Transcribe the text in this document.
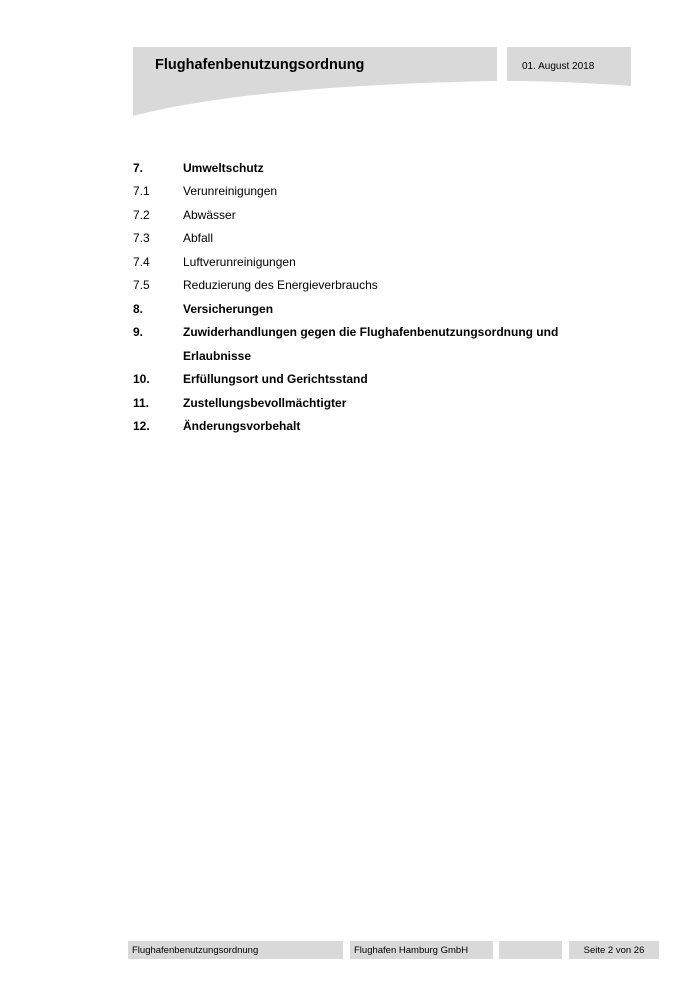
Flughafenbenutzungsordnung	01. August 2018
7.	Umweltschutz
7.1	Verunreinigungen
7.2	Abwässer
7.3	Abfall
7.4	Luftverunreinigungen
7.5	Reduzierung des Energieverbrauchs
8.	Versicherungen
9.	Zuwiderhandlungen gegen die Flughafenbenutzungsordnung und
Erlaubnisse
10.	Erfüllungsort und Gerichtsstand
11.	Zustellungsbevollmächtigter
12.	Änderungsvorbehalt
Flughafenbenutzungsordnung	Flughafen Hamburg GmbH	Seite 2 von 26
